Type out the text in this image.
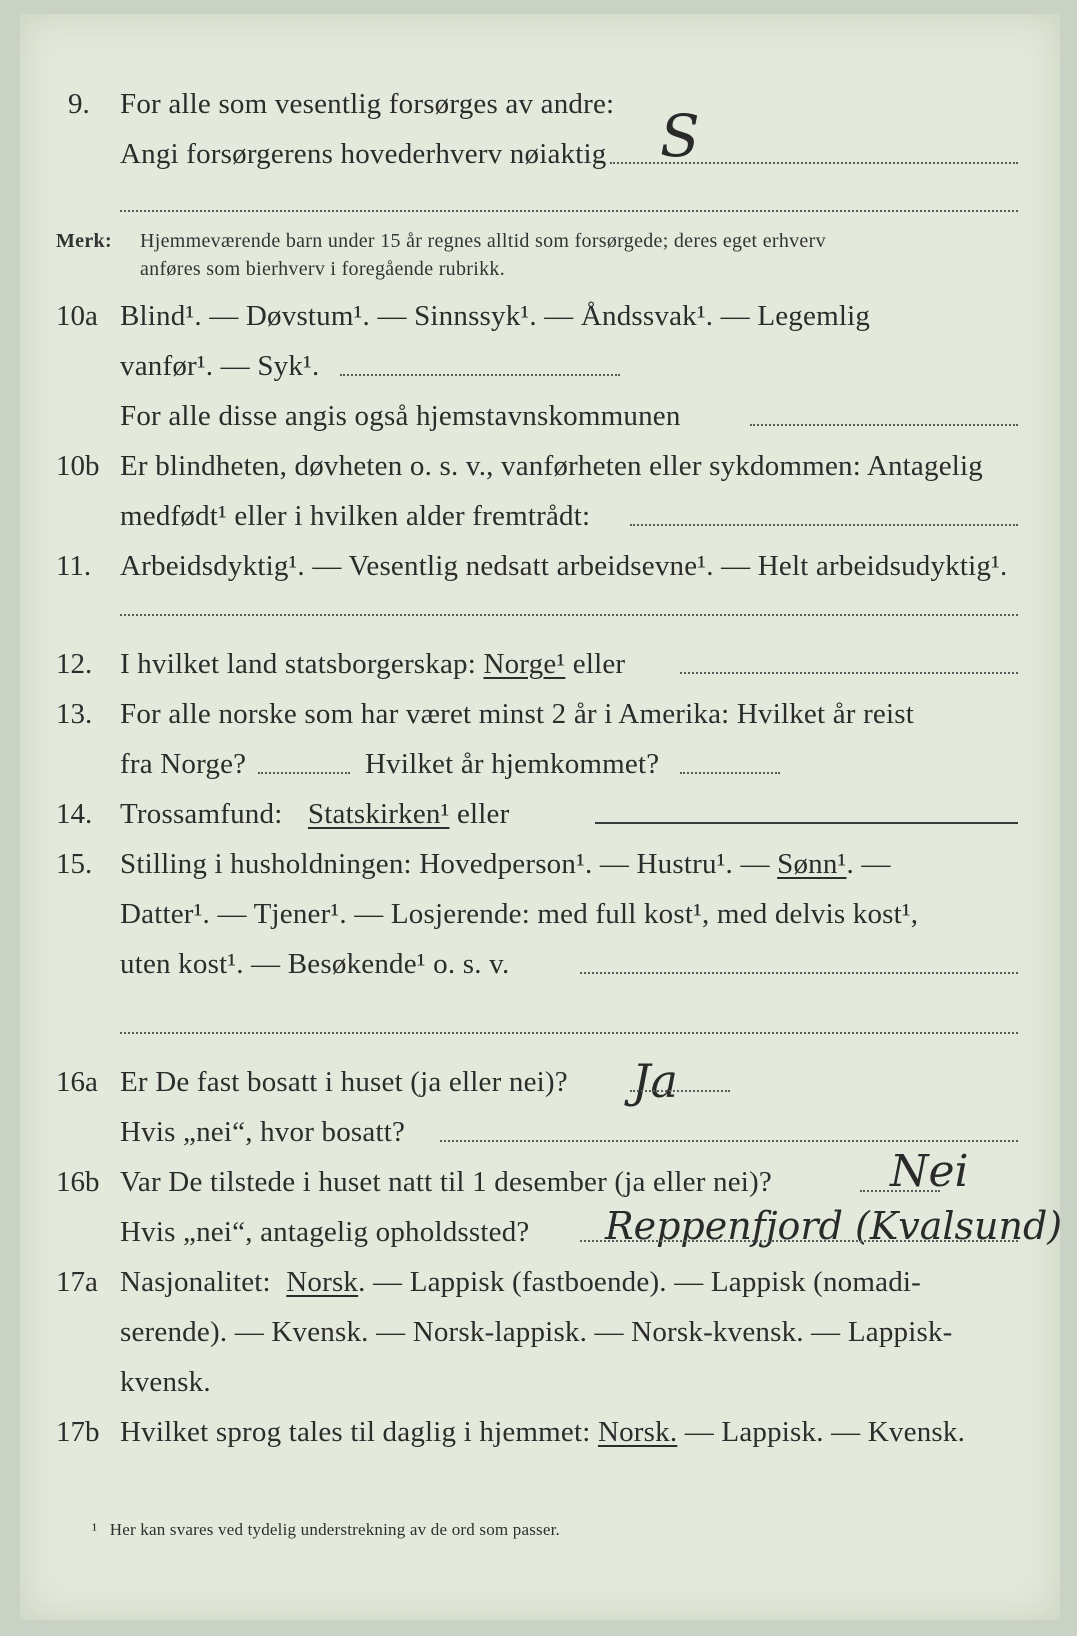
9. For alle som vesentlig forsørges av andre:
Angi forsørgerens hovederhverv nøiaktig S
Merk: Hjemmeværende barn under 15 år regnes alltid som forsørgede; deres eget erhverv
anføres som bierhverv i foregående rubrikk.
10a Blind¹. — Døvstum¹. — Sinnssyk¹. — Åndssvak¹. — Legemlig
vanfør¹. — Syk¹.
For alle disse angis også hjemstavnskommunen
10b Er blindheten, døvheten o. s. v., vanførheten eller sykdommen: Antagelig
medfødt¹ eller i hvilken alder fremtrådt:
11. Arbeidsdyktig¹. — Vesentlig nedsatt arbeidsevne¹. — Helt arbeidsudyktig¹.
12. I hvilket land statsborgerskap: Norge¹ eller
13. For alle norske som har været minst 2 år i Amerika: Hvilket år reist
fra Norge?	Hvilket år hjemkommet?
14. Trossamfund: Statskirken¹ eller
15. Stilling i husholdningen: Hovedperson¹. — Hustru¹. — Sønn¹. —
Datter¹. — Tjener¹. — Losjerende: med full kost¹, med delvis kost¹,
uten kost¹. — Besøkende¹ o. s. v.
16a Er De fast bosatt i huset (ja eller nei)? Ja
Hvis „nei“, hvor bosatt?
16b Var De tilstede i huset natt til 1 desember (ja eller nei)?	Nei
Hvis „nei“, antagelig opholdssted? Reppenfjord (Kvalsund)
17a Nasjonalitet: Norsk. — Lappisk (fastboende). — Lappisk (nomadi-
serende). — Kvensk. — Norsk-lappisk. — Norsk-kvensk. — Lappisk-
kvensk.
17b Hvilket sprog tales til daglig i hjemmet: Norsk. — Lappisk. — Kvensk.
¹ Her kan svares ved tydelig understrekning av de ord som passer.
